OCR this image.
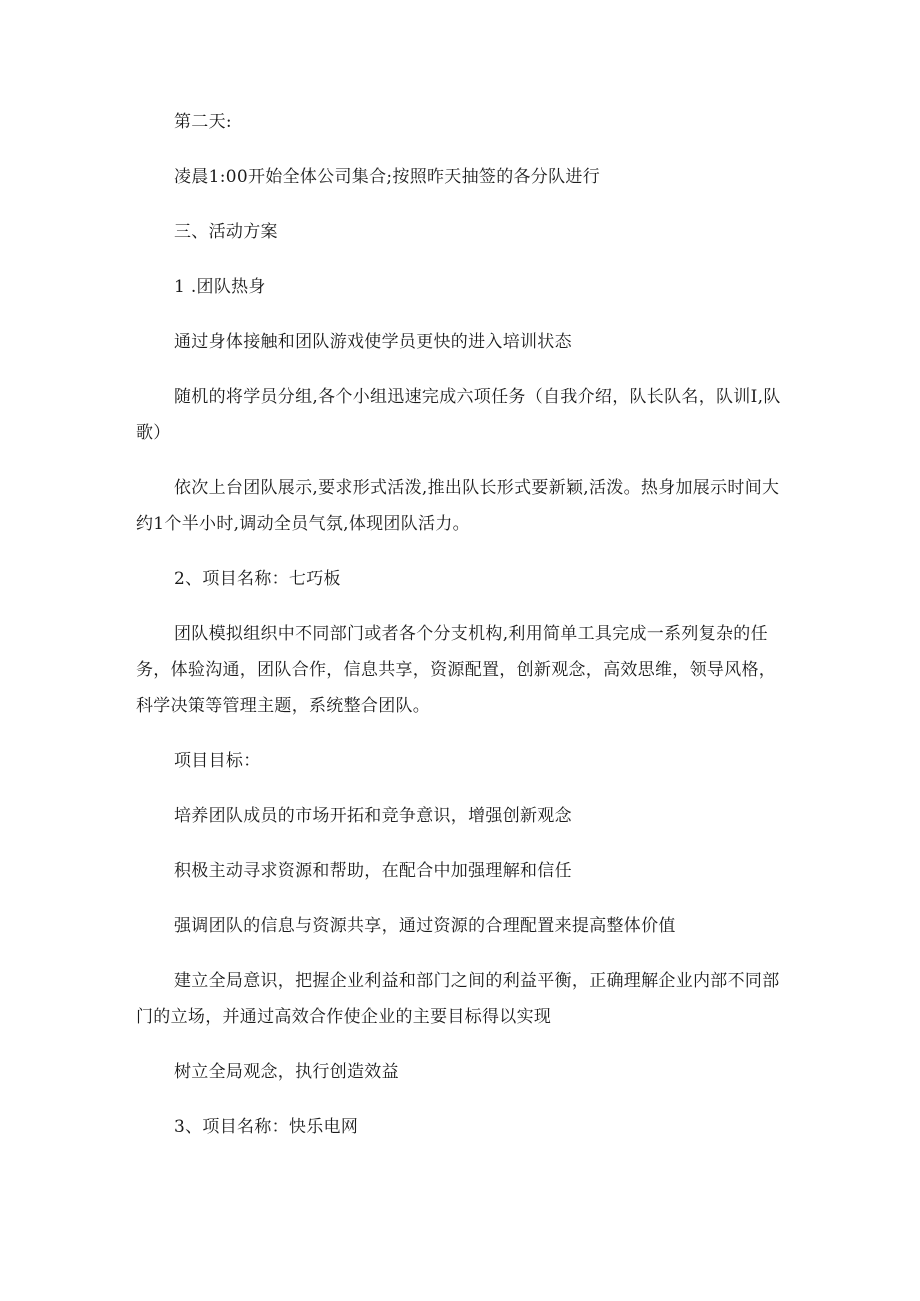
第二天:

凌晨1:00开始全体公司集合;按照昨天抽签的各分队进行

三、活动方案

1 .团队热身

通过身体接触和团队游戏使学员更快的进入培训状态

随机的将学员分组,各个小组迅速完成六项任务（自我介绍，队长队名，队训I,队歌）

依次上台团队展示,要求形式活泼,推出队长形式要新颖,活泼。热身加展示时间大约1个半小时,调动全员气氛,体现团队活力。

2、项目名称：七巧板

团队模拟组织中不同部门或者各个分支机构,利用简单工具完成一系列复杂的任务，体验沟通，团队合作，信息共享，资源配置，创新观念，高效思维，领导风格，科学决策等管理主题，系统整合团队。

项目目标：

培养团队成员的市场开拓和竞争意识，增强创新观念

积极主动寻求资源和帮助，在配合中加强理解和信任

强调团队的信息与资源共享，通过资源的合理配置来提高整体价值

建立全局意识，把握企业利益和部门之间的利益平衡，正确理解企业内部不同部门的立场，并通过高效合作使企业的主要目标得以实现

树立全局观念，执行创造效益

3、项目名称：快乐电网
